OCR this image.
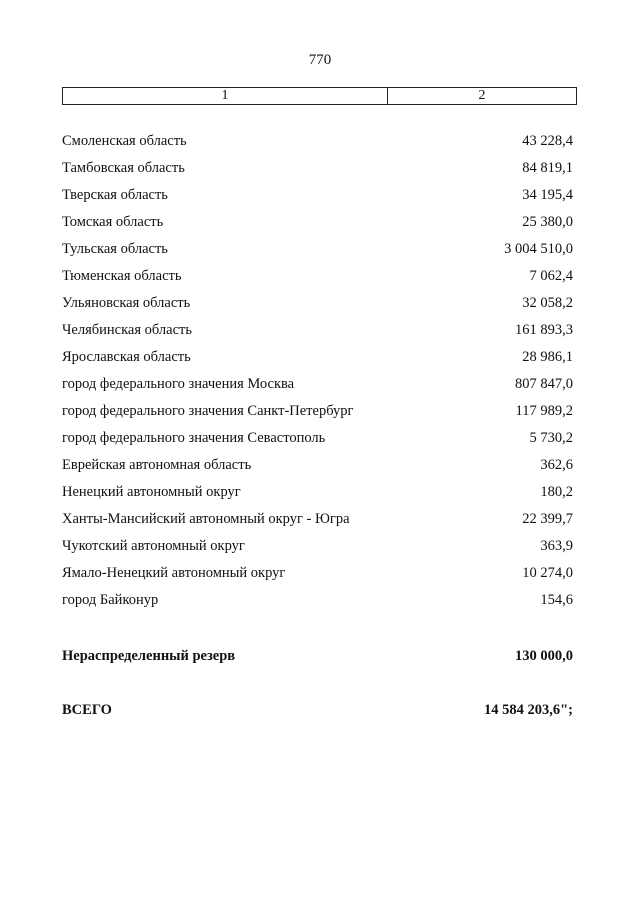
770
1	2
Смоленская область	43 228,4
Тамбовская область	84 819,1
Тверская область	34 195,4
Томская область	25 380,0
Тульская область	3 004 510,0
Тюменская область	7 062,4
Ульяновская область	32 058,2
Челябинская область	161 893,3
Ярославская область	28 986,1
город федерального значения Москва	807 847,0
город федерального значения Санкт-Петербург	117 989,2
город федерального значения Севастополь	5 730,2
Еврейская автономная область	362,6
Ненецкий автономный округ	180,2
Ханты-Мансийский автономный округ - Югра	22 399,7
Чукотский автономный округ	363,9
Ямало-Ненецкий автономный округ	10 274,0
город Байконур	154,6
Нераспределенный резерв	130 000,0
ВСЕГО	14 584 203,6";
